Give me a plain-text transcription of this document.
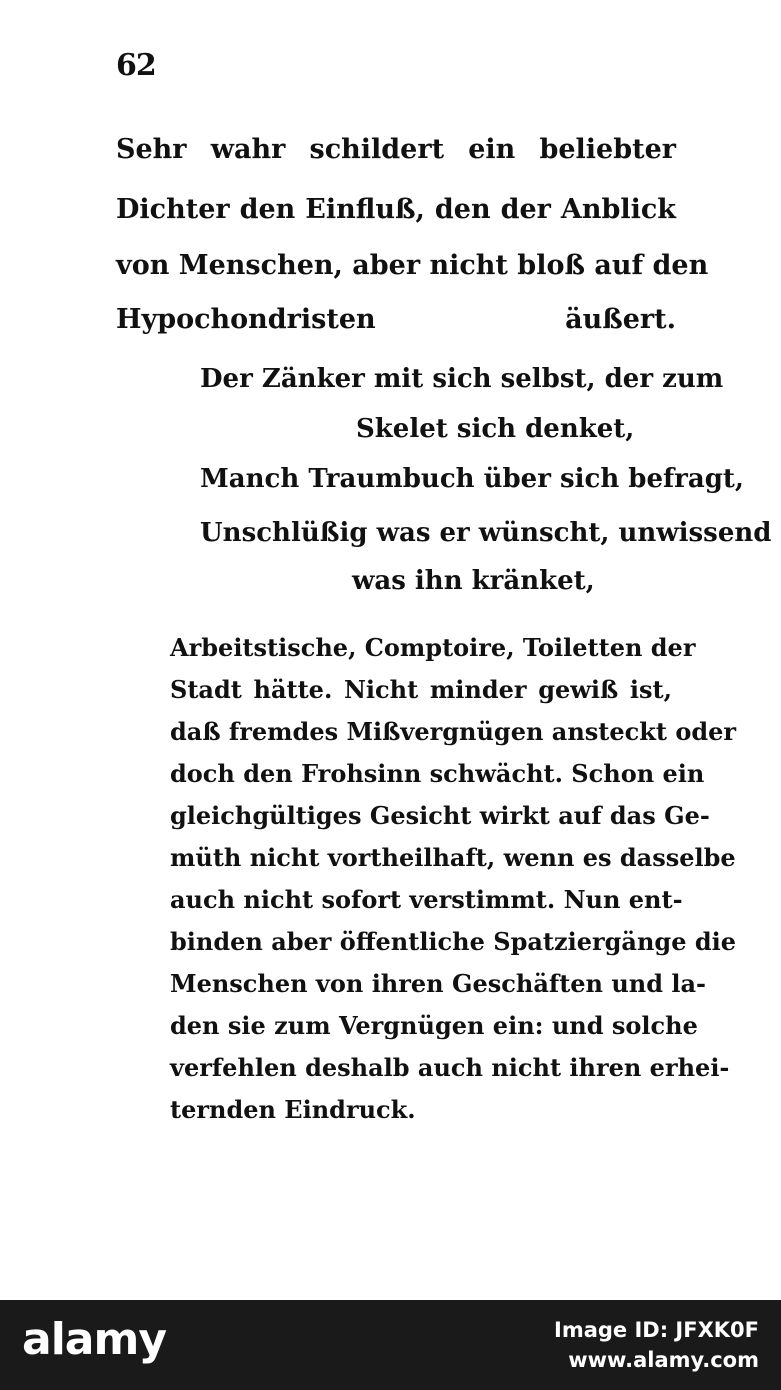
62
Sehr wahr schildert ein beliebter
Dichter den Einfluß, den der Anblick
von Menschen, aber nicht bloß auf den
Hypochondristen äußert.
Der Zänker mit sich selbst, der zum
Skelet sich denket,
Manch Traumbuch über sich befragt,
Unschlüßig was er wünscht, unwissend
was ihn kränket,
Arbeitstische, Comptoire, Toiletten der
Stadt hätte. Nicht minder gewiß ist,
daß fremdes Mißvergnügen ansteckt oder
doch den Frohsinn schwächt. Schon ein
gleichgültiges Gesicht wirkt auf das Ge-
müth nicht vortheilhaft, wenn es dasselbe
auch nicht sofort verstimmt. Nun ent-
binden aber öffentliche Spatziergänge die
Menschen von ihren Geschäften und la-
den sie zum Vergnügen ein: und solche
verfehlen deshalb auch nicht ihren erhei-
ternden Eindruck.
alamy	Image ID: JFXK0F
www.alamy.com
